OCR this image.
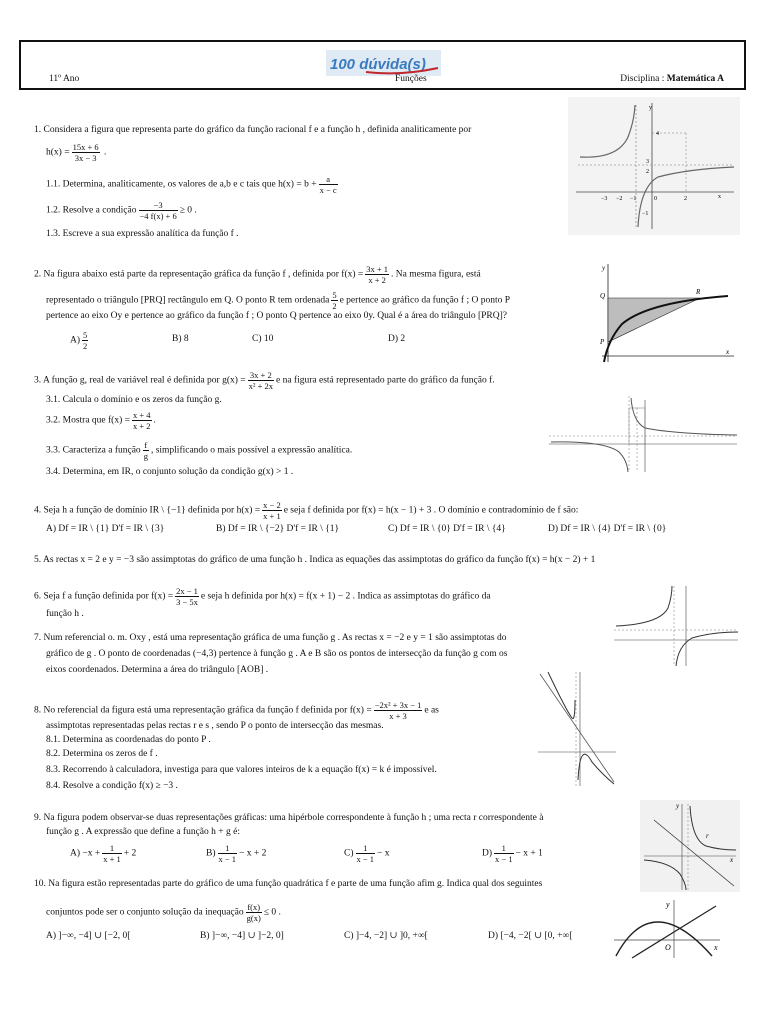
100 dúvida(s)
11º Ano	Funções	Disciplina : Matemática A
1. Considera a figura que representa parte do gráfico da função racional f e a função h , definida analiticamente por
$h(x) = \frac{15x + 6}{3x - 3}$ .
1.1. Determina, analiticamente, os valores de a,b e c tais que $h(x) = b + \frac{a}{x - c}$
1.2. Resolve a condição $\frac{-3}{-4 f(x) + 6} \ge 0$ .
1.3. Escreve a sua expressão analítica da função f .
−3 −2 −1	0	2
4
3
2
−1
x
y
2. Na figura abaixo está parte da representação gráfica da função f , definida por $f(x) = \frac{3x + 1}{x + 2}$ . Na mesma figura, está
representado o triângulo [PRQ] rectângulo em Q. O ponto R tem ordenada $\frac{5}{2}$ e pertence ao gráfico da função f ; O ponto P
pertence ao eixo Oy e pertence ao gráfico da função f ; O ponto Q pertence ao eixo 0y. Qual é a área do triângulo [PRQ]?
$A) \frac{5}{2}$	B) 8	C) 10	D) 2
y
Q	R
P
x
3. A função g, real de variável real é definida por $g(x) = \frac{3x + 2}{\text{x² + 2x}}$ e na figura está representado parte do gráfico da função f.
3.1. Calcula o domínio e os zeros da função g.
3.2. Mostra que $f(x) = \frac{x + 4}{x + 2}$ .
3.3. Caracteriza a função $\frac{f}{g}$ , simplificando o mais possível a expressão analítica.
3.4. Determina, em IR, o conjunto solução da condição g(x) > 1 .
4. Seja h a função de domínio IR \ {−1} definida por $h(x) = \frac{x - 2}{x + 1}$ e seja f definida por f(x) = h(x − 1) + 3 . O domínio e contradomínio de f são:
A) Df = IR \ {1} D'f = IR \ {3}	B) Df = IR \ {−2} D'f = IR \ {1}	C) Df = IR \ {0} D'f = IR \ {4}	D) Df = IR \ {4} D'f = IR \ {0}
5. As rectas x = 2 e y = −3 são assimptotas do gráfico de uma função h . Indica as equações das assimptotas do gráfico da função f(x) = h(x − 2) + 1
6. Seja f a função definida por $f(x) = \frac{2x - 1}{3 - 5x}$ e seja h definida por h(x) = f(x + 1) − 2 . Indica as assimptotas do gráfico da
função h .
7. Num referencial o. m. Oxy , está uma representação gráfica de uma função g . As rectas x = −2 e y = 1 são assimptotas do
gráfico de g . O ponto de coordenadas (−4,3) pertence à função g . A e B são os pontos de intersecção da função g com os
eixos coordenados. Determina a área do triângulo [AOB] .
8. No referencial da figura está uma representação gráfica da função f definida por $f(x) = \frac{\text{−2x² + 3x − 1}}{x + 3}$ e as
assimptotas representadas pelas rectas r e s , sendo P o ponto de intersecção das mesmas.
8.1. Determina as coordenadas do ponto P .
8.2. Determina os zeros de f .
8.3. Recorrendo à calculadora, investiga para que valores inteiros de k a equação f(x) = k é impossível.
8.4. Resolve a condição f(x) ≥ −3 .
9. Na figura podem observar-se duas representações gráficas: uma hipérbole correspondente à função h ; uma recta r correspondente à
função g . A expressão que define a função h + g é:
$A) -x + \frac{1}{x + 1} + 2$	$B) \frac{1}{x - 1} - x + 2$	$C) \frac{1}{x - 1} - x$	$D) \frac{1}{x - 1} - x + 1$
y
x
r
10. Na figura estão representadas parte do gráfico de uma função quadrática f e parte de uma função afim g. Indica qual dos seguintes
conjuntos pode ser o conjunto solução da inequação $\frac{f(x)}{g(x)} \le 0$ .
A) ]−∞, −4] ∪ [−2, 0[	B) ]−∞, −4] ∪ ]−2, 0]	C) ]−4, −2] ∪ ]0, +∞[	D) [−4, −2[ ∪ [0, +∞[
y
x
O
